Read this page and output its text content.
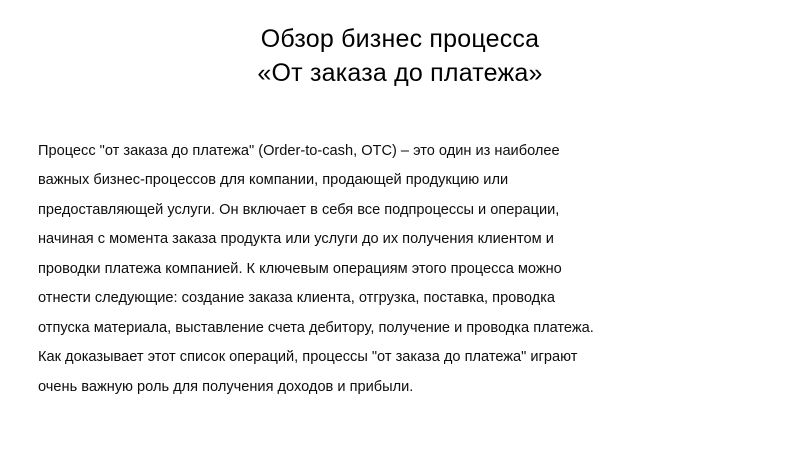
Обзор бизнес процесса
«От заказа до платежа»

Процесс "от заказа до платежа" (Order-to-cash, OTC) – это один из наиболее важных бизнес-процессов для компании, продающей продукцию или предоставляющей услуги. Он включает в себя все подпроцессы и операции, начиная с момента заказа продукта или услуги до их получения клиентом и проводки платежа компанией. К ключевым операциям этого процесса можно отнести следующие: создание заказа клиента, отгрузка, поставка, проводка отпуска материала, выставление счета дебитору, получение и проводка платежа. Как доказывает этот список операций, процессы "от заказа до платежа" играют очень важную роль для получения доходов и прибыли.
